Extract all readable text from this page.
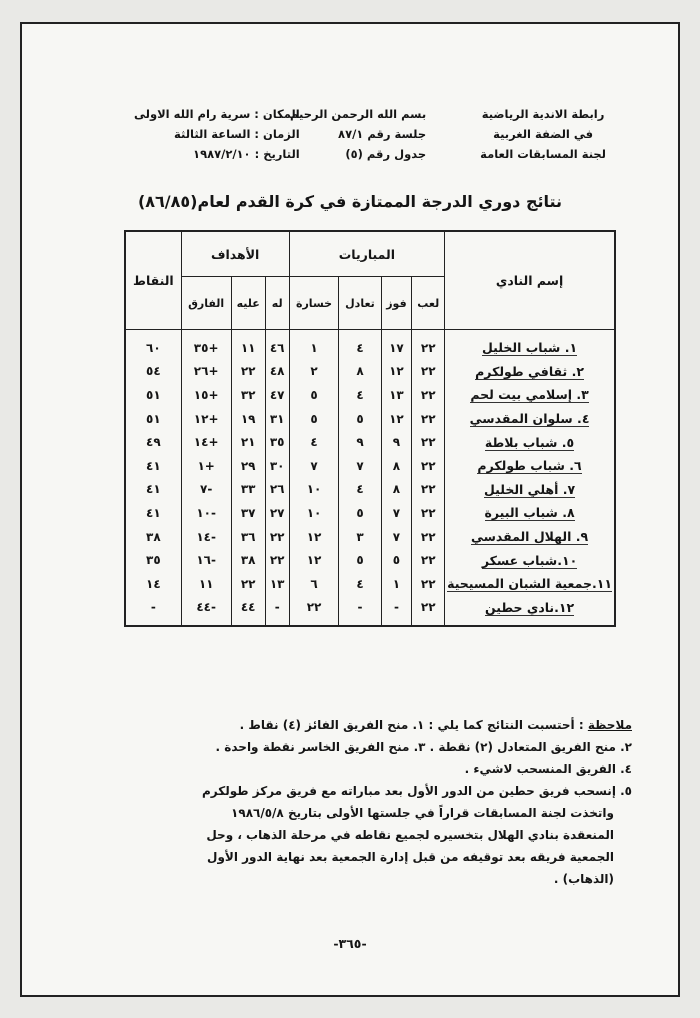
رابطة الاندية الرياضية
في الضفة الغربية
لجنة المسابقات العامة
بسم الله الرحمن الرحيم
جلسة رقم ٨٧/١
جدول رقم (٥)
المكان : سرية رام الله الاولى
الزمان : الساعة الثالثة
التاريخ : ١٩٨٧/٢/١٠
نتائج دوري الدرجة الممتازة في كرة القدم لعام(٨٦/٨٥)
إسم النادي	المباريات				الأهداف			النقاط
	لعب	فوز	تعادل	خسارة	له	عليه	الفارق	
١. شباب الخليل	٢٢	١٧	٤	١	٤٦	١١	+٣٥	٦٠
٢. ثقافي طولكرم	٢٢	١٢	٨	٢	٤٨	٢٢	+٢٦	٥٤
٣. إسلامي بيت لحم	٢٢	١٣	٤	٥	٤٧	٣٢	+١٥	٥١
٤. سلوان المقدسي	٢٢	١٢	٥	٥	٣١	١٩	+١٢	٥١
٥. شباب بلاطة	٢٢	٩	٩	٤	٣٥	٢١	+١٤	٤٩
٦. شباب طولكرم	٢٢	٨	٧	٧	٣٠	٢٩	+١	٤١
٧. أهلي الخليل	٢٢	٨	٤	١٠	٢٦	٣٣	-٧	٤١
٨. شباب البيرة	٢٢	٧	٥	١٠	٢٧	٣٧	-١٠	٤١
٩. الهلال المقدسي	٢٢	٧	٣	١٢	٢٢	٣٦	-١٤	٣٨
١٠.شباب عسكر	٢٢	٥	٥	١٢	٢٢	٣٨	-١٦	٣٥
١١.جمعية الشبان المسيحية	٢٢	١	٤	٦	١٣	٢٢	١١	١٤
١٢.نادي حطين	٢٢	-	-	٢٢	-	٤٤	-٤٤	-

ملاحظة : أحتسبت النتائج كما يلي : ١. منح الفريق الفائز (٤) نقاط .

٢. منح الفريق المتعادل (٢) نقطة . ٣. منح الفريق الخاسر نقطة واحدة .

٤. الفريق المنسحب لاشيء .

٥. إنسحب فريق حطين من الدور الأول بعد مباراته مع فريق مركز طولكرم

واتخذت لجنة المسابقات قراراً في جلستها الأولى بتاريخ ١٩٨٦/٥/٨

المنعقدة بنادي الهلال بتخسيره لجميع نقاطه في مرحلة الذهاب ، وحل

الجمعية فريقه بعد توقيفه من قبل إدارة الجمعية بعد نهاية الدور الأول

(الذهاب) .

-٣٦٥-
